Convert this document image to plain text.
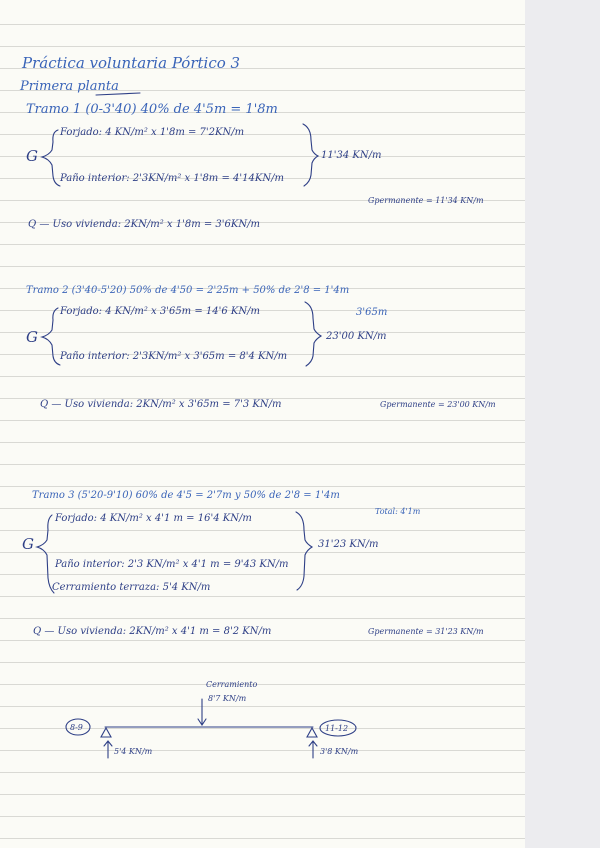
Práctica voluntaria Pórtico 3
Primera planta
Tramo 1 (0-3'40) 40% de 4'5m = 1'8m
G
Forjado: 4 KN/m² x 1'8m = 7'2KN/m
Paño interior: 2'3KN/m² x 1'8m = 4'14KN/m
11'34 KN/m
Gpermanente = 11'34 KN/m
Q — Uso vivienda: 2KN/m² x 1'8m = 3'6KN/m
Tramo 2 (3'40-5'20) 50% de 4'50 = 2'25m + 50% de 2'8 = 1'4m
3'65m
G
Forjado: 4 KN/m² x 3'65m = 14'6 KN/m
Paño interior: 2'3KN/m² x 3'65m = 8'4 KN/m
23'00 KN/m
Q — Uso vivienda: 2KN/m² x 3'65m = 7'3 KN/m	Gpermanente = 23'00 KN/m
Tramo 3 (5'20-9'10) 60% de 4'5 = 2'7m y 50% de 2'8 = 1'4m
Total: 4'1m
G
Forjado: 4 KN/m² x 4'1 m = 16'4 KN/m
Paño interior: 2'3 KN/m² x 4'1 m = 9'43 KN/m
Cerramiento terraza: 5'4 KN/m
31'23 KN/m
Q — Uso vivienda: 2KN/m² x 4'1 m = 8'2 KN/m	Gpermanente = 31'23 KN/m
Cerramiento
8'7 KN/m
8-9	11-12
5'4 KN/m	3'8 KN/m
